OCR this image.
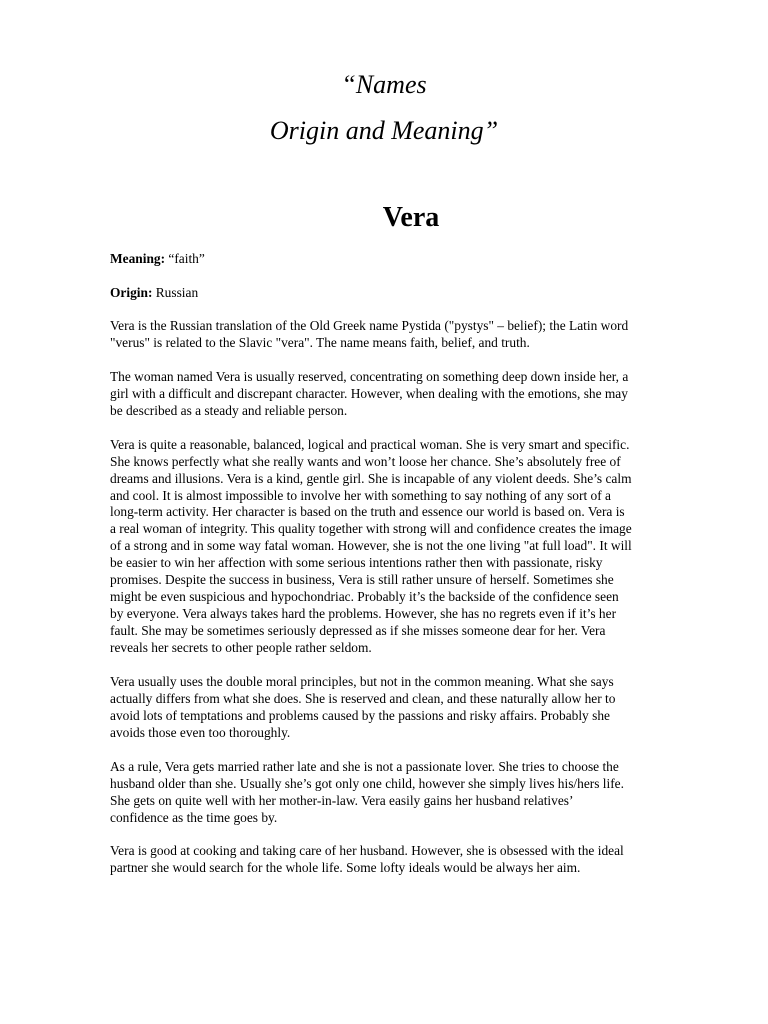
“Names
Origin and Meaning”
Vera

Meaning: “faith”

Origin: Russian

Vera is the Russian translation of the Old Greek name Pystida ("pystys" – belief); the Latin word
"verus" is related to the Slavic "vera". The name means faith, belief, and truth.

The woman named Vera is usually reserved, concentrating on something deep down inside her, a
girl with a difficult and discrepant character. However, when dealing with the emotions, she may
be described as a steady and reliable person.

Vera is quite a reasonable, balanced, logical and practical woman. She is very smart and specific.
She knows perfectly what she really wants and won’t loose her chance. She’s absolutely free of
dreams and illusions. Vera is a kind, gentle girl. She is incapable of any violent deeds. She’s calm
and cool. It is almost impossible to involve her with something to say nothing of any sort of a
long-term activity. Her character is based on the truth and essence our world is based on. Vera is
a real woman of integrity. This quality together with strong will and confidence creates the image
of a strong and in some way fatal woman. However, she is not the one living "at full load". It will
be easier to win her affection with some serious intentions rather then with passionate, risky
promises. Despite the success in business, Vera is still rather unsure of herself. Sometimes she
might be even suspicious and hypochondriac. Probably it’s the backside of the confidence seen
by everyone. Vera always takes hard the problems. However, she has no regrets even if it’s her
fault. She may be sometimes seriously depressed as if she misses someone dear for her. Vera
reveals her secrets to other people rather seldom.

Vera usually uses the double moral principles, but not in the common meaning. What she says
actually differs from what she does. She is reserved and clean, and these naturally allow her to
avoid lots of temptations and problems caused by the passions and risky affairs. Probably she
avoids those even too thoroughly.

As a rule, Vera gets married rather late and she is not a passionate lover. She tries to choose the
husband older than she. Usually she’s got only one child, however she simply lives his/hers life.
She gets on quite well with her mother-in-law. Vera easily gains her husband relatives’
confidence as the time goes by.

Vera is good at cooking and taking care of her husband. However, she is obsessed with the ideal
partner she would search for the whole life. Some lofty ideals would be always her aim.
